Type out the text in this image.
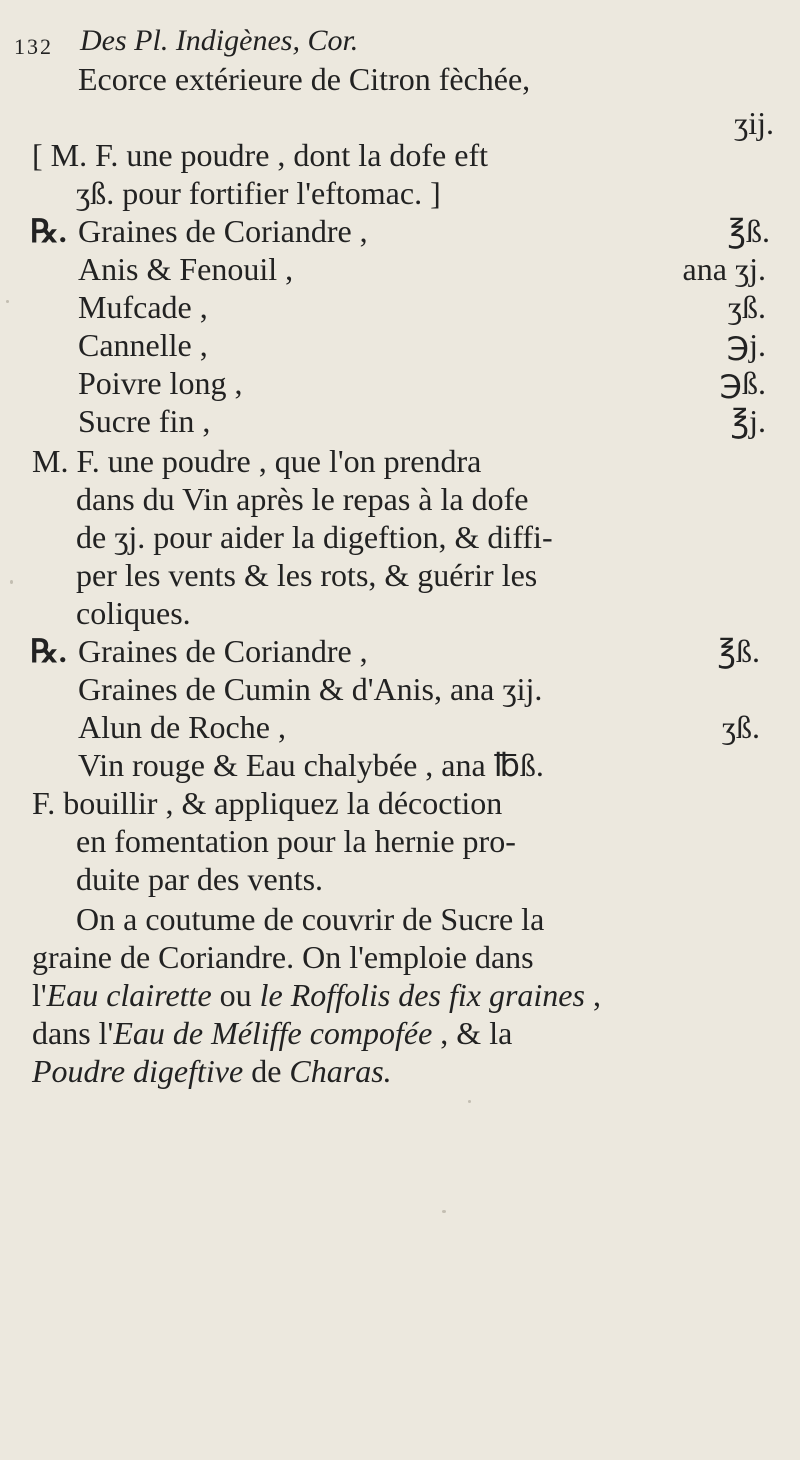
132 Des Pl. Indigènes, Cor.
Ecorce extérieure de Citron fèchée,
ʒij.
[ M. F. une poudre , dont la dofe eft
ʒß. pour fortifier l'eftomac. ]
℞. Graines de Coriandre ,	℥ß.
Anis & Fenouil ,	ana ʒj.
Mufcade ,	ʒß.
Cannelle ,	℈j.
Poivre long ,	℈ß.
Sucre fin ,	℥j.
M. F. une poudre , que l'on prendra
dans du Vin après le repas à la dofe
de ʒj. pour aider la digeftion, & diffi-
per les vents & les rots, & guérir les
coliques.
℞. Graines de Coriandre ,	℥ß.
Graines de Cumin & d'Anis, ana ʒij.
Alun de Roche ,	ʒß.
Vin rouge & Eau chalybée , ana ℔ß.
F. bouillir , & appliquez la décoction
en fomentation pour la hernie pro-
duite par des vents.
On a coutume de couvrir de Sucre la
graine de Coriandre. On l'emploie dans
l'Eau clairette ou le Roffolis des fix graines ,
dans l'Eau de Méliffe compofée , & la
Poudre digeftive de Charas.
